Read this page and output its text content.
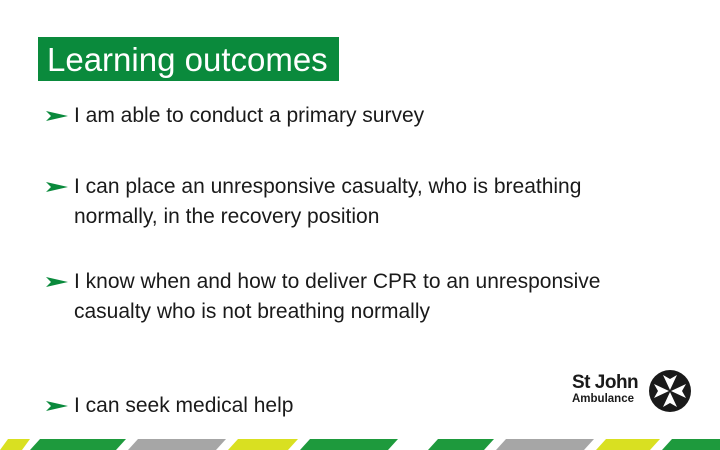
Learning outcomes
I am able to conduct a primary survey
I can place an unresponsive casualty, who is breathing normally, in the recovery position
I know when and how to deliver CPR to an unresponsive casualty who is not breathing normally
I can seek medical help
St John
Ambulance
